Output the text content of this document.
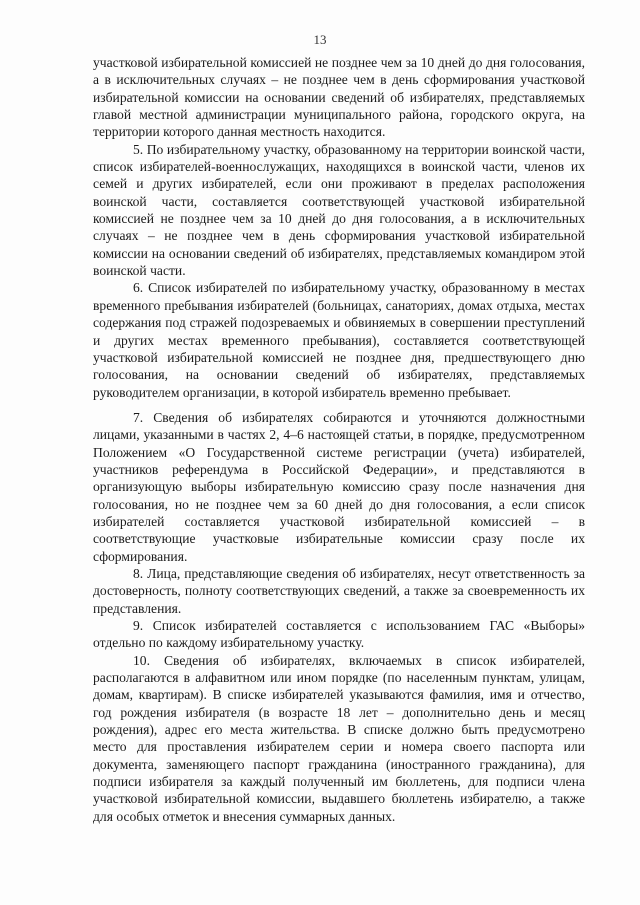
13

участковой избирательной комиссией не позднее чем за 10 дней до дня голосования, а в исключительных случаях – не позднее чем в день сформирования участковой избирательной комиссии на основании сведений об избирателях, представляемых главой местной администрации муниципального района, городского округа, на территории которого данная местность находится.

5. По избирательному участку, образованному на территории воинской части, список избирателей-военнослужащих, находящихся в воинской части, членов их семей и других избирателей, если они проживают в пределах расположения воинской части, составляется соответствующей участковой избирательной комиссией не позднее чем за 10 дней до дня голосования, а в исключительных случаях – не позднее чем в день сформирования участковой избирательной комиссии на основании сведений об избирателях, представляемых командиром этой воинской части.

6. Список избирателей по избирательному участку, образованному в местах временного пребывания избирателей (больницах, санаториях, домах отдыха, местах содержания под стражей подозреваемых и обвиняемых в совершении преступлений и других местах временного пребывания), составляется соответствующей участковой избирательной комиссией не позднее дня, предшествующего дню голосования, на основании сведений об избирателях, представляемых руководителем организации, в которой избиратель временно пребывает.

7. Сведения об избирателях собираются и уточняются должностными лицами, указанными в частях 2, 4–6 настоящей статьи, в порядке, предусмотренном Положением «О Государственной системе регистрации (учета) избирателей, участников референдума в Российской Федерации», и представляются в организующую выборы избирательную комиссию сразу после назначения дня голосования, но не позднее чем за 60 дней до дня голосования, а если список избирателей составляется участковой избирательной комиссией – в соответствующие участковые избирательные комиссии сразу после их сформирования.

8. Лица, представляющие сведения об избирателях, несут ответственность за достоверность, полноту соответствующих сведений, а также за своевременность их представления.

9. Список избирателей составляется с использованием ГАС «Выборы» отдельно по каждому избирательному участку.

10. Сведения об избирателях, включаемых в список избирателей, располагаются в алфавитном или ином порядке (по населенным пунктам, улицам, домам, квартирам). В списке избирателей указываются фамилия, имя и отчество, год рождения избирателя (в возрасте 18 лет – дополнительно день и месяц рождения), адрес его места жительства. В списке должно быть предусмотрено место для проставления избирателем серии и номера своего паспорта или документа, заменяющего паспорт гражданина (иностранного гражданина), для подписи избирателя за каждый полученный им бюллетень, для подписи члена участковой избирательной комиссии, выдавшего бюллетень избирателю, а также для особых отметок и внесения суммарных данных.
